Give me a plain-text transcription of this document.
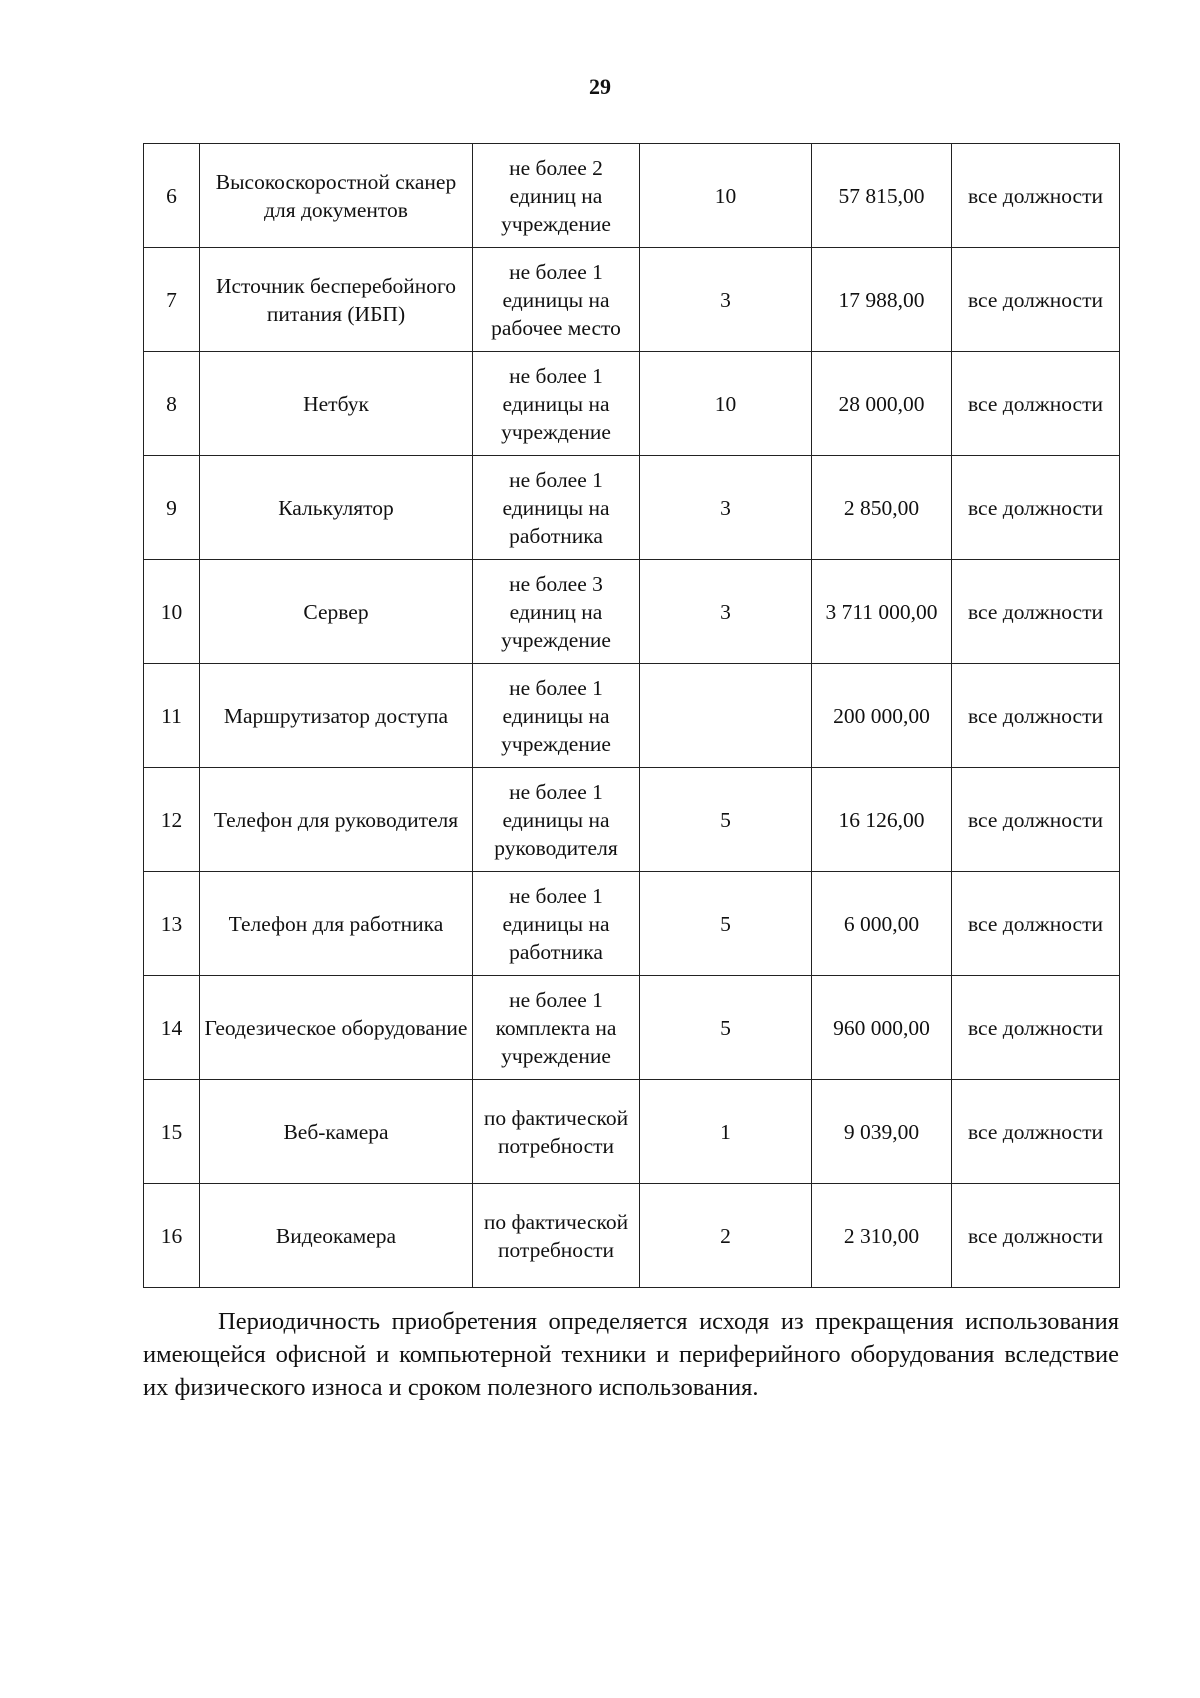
29
6	Высокоскоростной сканер для документов	не более 2 единиц на учреждение	10	57 815,00	все должности
7	Источник бесперебойного питания (ИБП)	не более 1 единицы на рабочее место	3	17 988,00	все должности
8	Нетбук	не более 1 единицы на учреждение	10	28 000,00	все должности
9	Калькулятор	не более 1 единицы на работника	3	2 850,00	все должности
10	Сервер	не более 3 единиц на учреждение	3	3 711 000,00	все должности
11	Маршрутизатор доступа	не более 1 единицы на учреждение		200 000,00	все должности
12	Телефон для руководителя	не более 1 единицы на руководителя	5	16 126,00	все должности
13	Телефон для работника	не более 1 единицы на работника	5	6 000,00	все должности
14	Геодезическое оборудование	не более 1 комплекта на учреждение	5	960 000,00	все должности
15	Веб-камера	по фактической потребности	1	9 039,00	все должности
16	Видеокамера	по фактической потребности	2	2 310,00	все должности

Периодичность приобретения определяется исходя из прекращения использования имеющейся офисной и компьютерной техники и периферийного оборудования вследствие их физического износа и сроком полезного использования.
